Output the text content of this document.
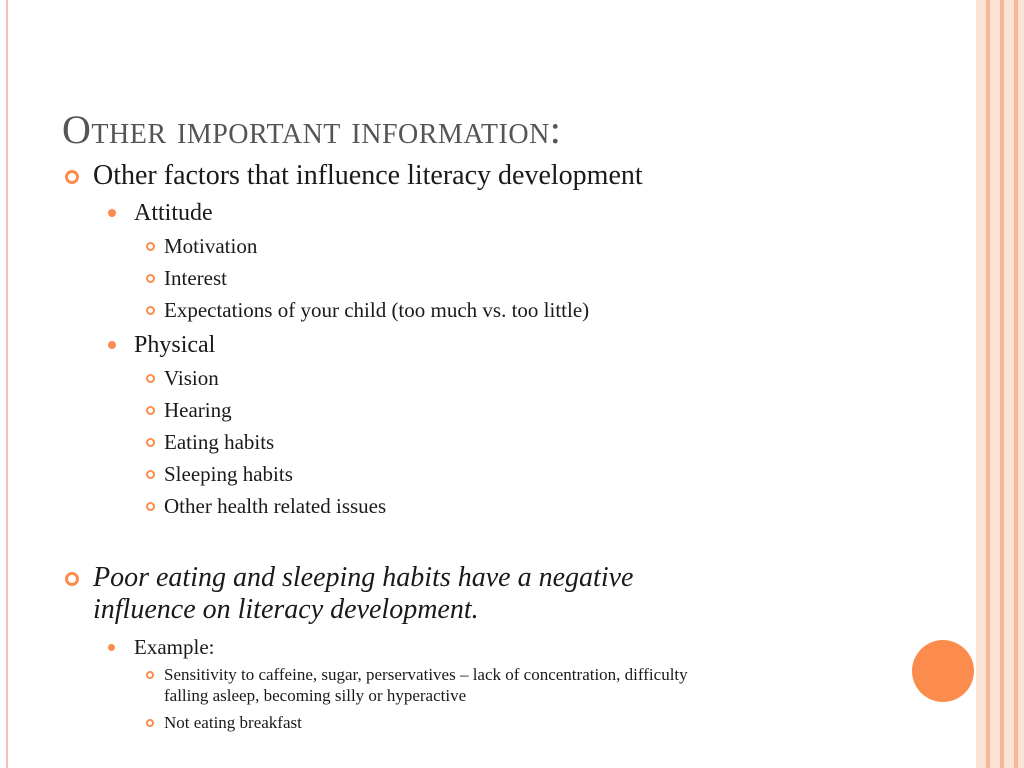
Other important information:
Other factors that influence literacy development
Attitude
Motivation
Interest
Expectations of your child (too much vs. too little)
Physical
Vision
Hearing
Eating habits
Sleeping habits
Other health related issues
Poor eating and sleeping habits have a negative
influence on literacy development.
Example:
Sensitivity to caffeine, sugar, perservatives – lack of concentration, difficulty
falling asleep, becoming silly or hyperactive
Not eating breakfast
